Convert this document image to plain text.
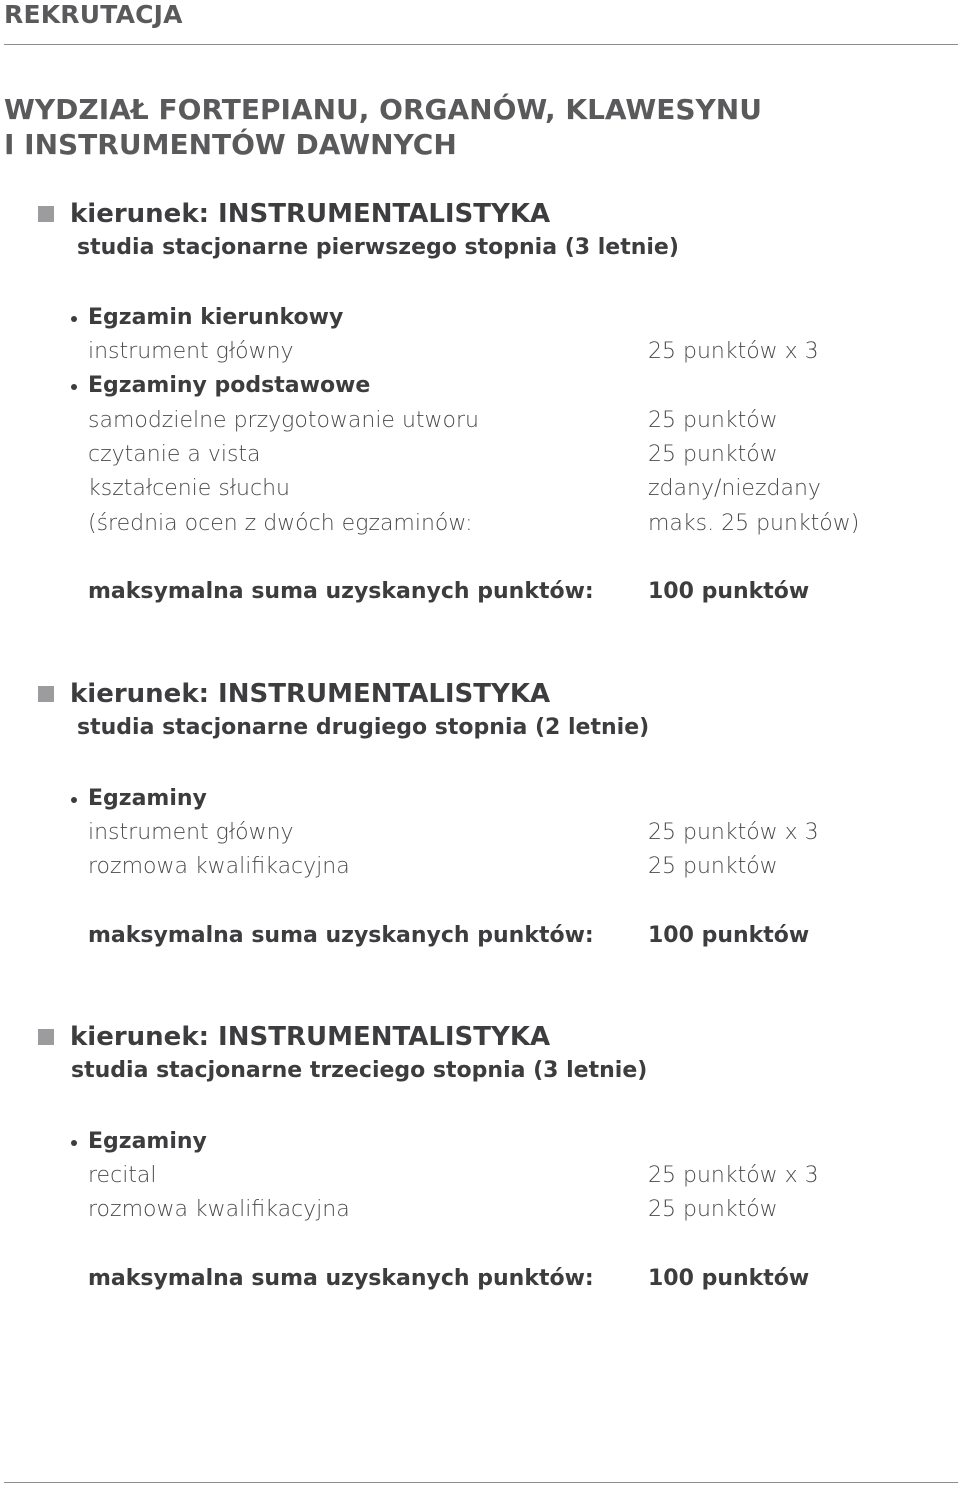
REKRUTACJA
WYDZIAŁ FORTEPIANU, ORGANÓW, KLAWESYNU
I INSTRUMENTÓW DAWNYCH
kierunek: INSTRUMENTALISTYKA
studia stacjonarne pierwszego stopnia (3 letnie)
Egzamin kierunkowy
instrument główny	25 punktów x 3
Egzaminy podstawowe
samodzielne przygotowanie utworu	25 punktów
czytanie a vista	25 punktów
kształcenie słuchu	zdany/niezdany
(średnia ocen z dwóch egzaminów:	maks. 25 punktów)
maksymalna suma uzyskanych punktów: 100 punktów
kierunek: INSTRUMENTALISTYKA
studia stacjonarne drugiego stopnia (2 letnie)
Egzaminy
instrument główny	25 punktów x 3
rozmowa kwalifikacyjna	25 punktów
maksymalna suma uzyskanych punktów: 100 punktów
kierunek: INSTRUMENTALISTYKA
studia stacjonarne trzeciego stopnia (3 letnie)
Egzaminy
recital	25 punktów x 3
rozmowa kwalifikacyjna	25 punktów
maksymalna suma uzyskanych punktów: 100 punktów
